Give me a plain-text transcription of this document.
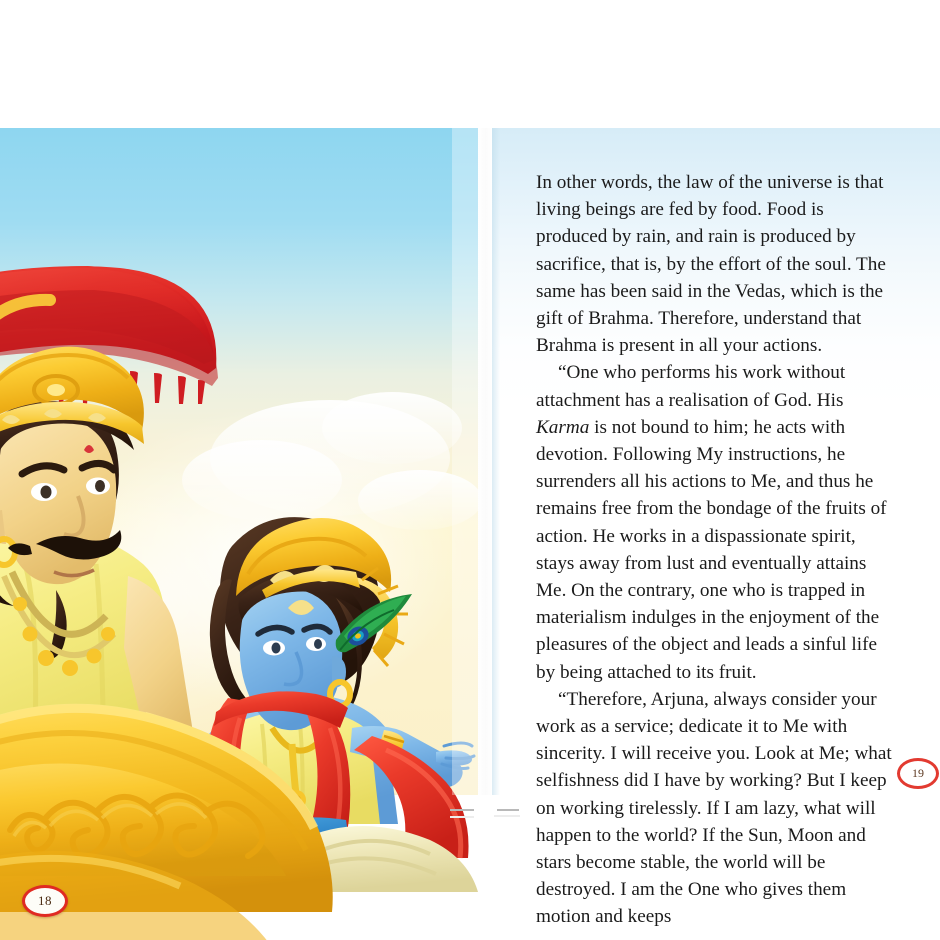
18

In other words, the law of the universe is that living beings are fed by food. Food is produced by rain, and rain is produced by sacrifice, that is, by the effort of the soul. The same has been said in the Vedas, which is the gift of Brahma. Therefore, understand that Brahma is present in all your actions.

“One who performs his work without attachment has a realisation of God. His Karma is not bound to him; he acts with devotion. Following My instructions, he surrenders all his actions to Me, and thus he remains free from the bondage of the fruits of action. He works in a dispassionate spirit, stays away from lust and eventually attains Me. On the contrary, one who is trapped in materialism indulges in the enjoyment of the pleasures of the object and leads a sinful life by being attached to its fruit.

“Therefore, Arjuna, always consider your work as a service; dedicate it to Me with sincerity. I will receive you. Look at Me; what selfishness did I have by working? But I keep on working tirelessly. If I am lazy, what will happen to the world? If the Sun, Moon and stars become stable, the world will be destroyed. I am the One who gives them motion and keeps

19
